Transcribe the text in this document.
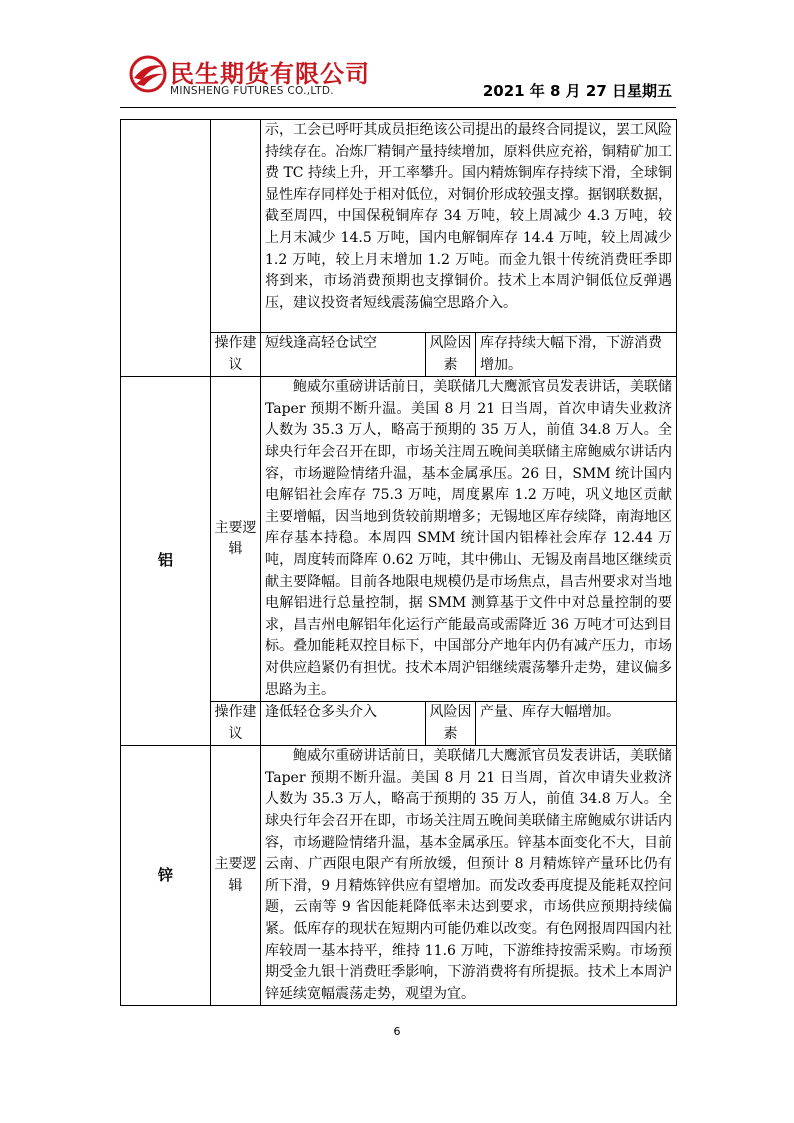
民生期货有限公司
MINSHENG FUTURES CO.,LTD.	2021 年 8 月 27 日星期五
		示，工会已呼吁其成员拒绝该公司提出的最终合同提议，罢工风险持续存在。冶炼厂精铜产量持续增加，原料供应充裕，铜精矿加工费 TC 持续上升，开工率攀升。国内精炼铜库存持续下滑，全球铜显性库存同样处于相对低位，对铜价形成较强支撑。据钢联数据，截至周四，中国保税铜库存 34 万吨，较上周减少 4.3 万吨，较上月末减少 14.5 万吨，国内电解铜库存 14.4 万吨，较上周减少 1.2 万吨，较上月末增加 1.2 万吨。而金九银十传统消费旺季即将到来，市场消费预期也支撑铜价。技术上本周沪铜低位反弹遇压，建议投资者短线震荡偏空思路介入。		
	操作建议	短线逢高轻仓试空	风险因素	库存持续大幅下滑，下游消费增加。
铝	主要逻辑	鲍威尔重磅讲话前日，美联储几大鹰派官员发表讲话，美联储 Taper 预期不断升温。美国 8 月 21 日当周，首次申请失业救济人数为 35.3 万人，略高于预期的 35 万人，前值 34.8 万人。全球央行年会召开在即，市场关注周五晚间美联储主席鲍威尔讲话内容，市场避险情绪升温，基本金属承压。26 日，SMM 统计国内电解铝社会库存 75.3 万吨，周度累库 1.2 万吨，巩义地区贡献主要增幅，因当地到货较前期增多；无锡地区库存续降，南海地区库存基本持稳。本周四 SMM 统计国内铝棒社会库存 12.44 万吨，周度转而降库 0.62 万吨，其中佛山、无锡及南昌地区继续贡献主要降幅。目前各地限电规模仍是市场焦点，昌吉州要求对当地电解铝进行总量控制，据 SMM 测算基于文件中对总量控制的要求，昌吉州电解铝年化运行产能最高或需降近 36 万吨才可达到目标。叠加能耗双控目标下，中国部分产地年内仍有减产压力，市场对供应趋紧仍有担忧。技术本周沪铝继续震荡攀升走势，建议偏多思路为主。		
	操作建议	逢低轻仓多头介入	风险因素	产量、库存大幅增加。
锌	主要逻辑	鲍威尔重磅讲话前日，美联储几大鹰派官员发表讲话，美联储 Taper 预期不断升温。美国 8 月 21 日当周，首次申请失业救济人数为 35.3 万人，略高于预期的 35 万人，前值 34.8 万人。全球央行年会召开在即，市场关注周五晚间美联储主席鲍威尔讲话内容，市场避险情绪升温，基本金属承压。锌基本面变化不大，目前云南、广西限电限产有所放缓，但预计 8 月精炼锌产量环比仍有所下滑，9 月精炼锌供应有望增加。而发改委再度提及能耗双控问题，云南等 9 省因能耗降低率未达到要求，市场供应预期持续偏紧。低库存的现状在短期内可能仍难以改变。有色网报周四国内社库较周一基本持平，维持 11.6 万吨，下游维持按需采购。市场预期受金九银十消费旺季影响，下游消费将有所提振。技术上本周沪锌延续宽幅震荡走势，观望为宜。		
6
